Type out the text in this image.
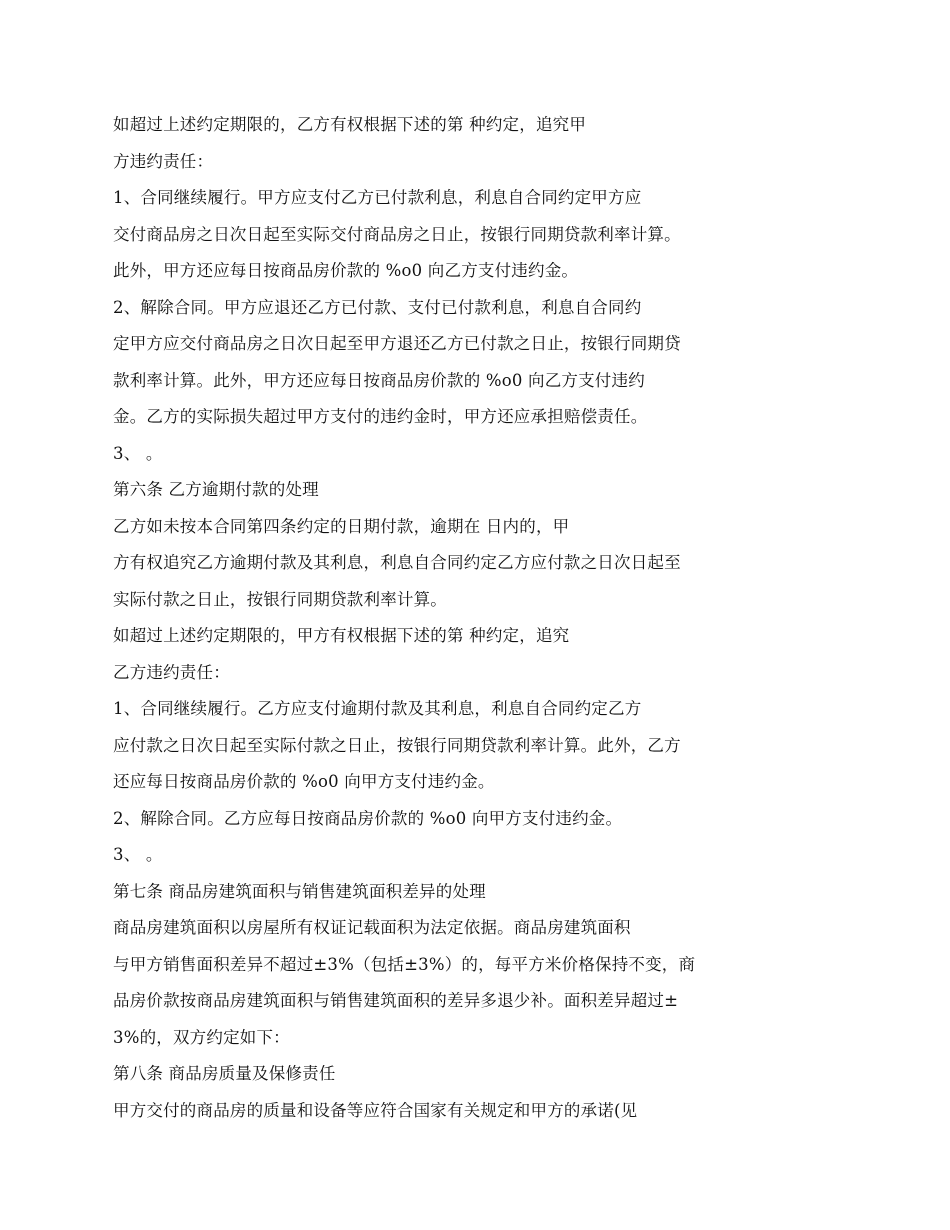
如超过上述约定期限的，乙方有权根据下述的第 种约定，追究甲
方违约责任：
1、合同继续履行。甲方应支付乙方已付款利息，利息自合同约定甲方应
交付商品房之日次日起至实际交付商品房之日止，按银行同期贷款利率计算。
此外，甲方还应每日按商品房价款的 %o0 向乙方支付违约金。
2、解除合同。甲方应退还乙方已付款、支付已付款利息，利息自合同约
定甲方应交付商品房之日次日起至甲方退还乙方已付款之日止，按银行同期贷
款利率计算。此外，甲方还应每日按商品房价款的 %o0 向乙方支付违约
金。乙方的实际损失超过甲方支付的违约金时，甲方还应承担赔偿责任。
3、 。
第六条 乙方逾期付款的处理
乙方如未按本合同第四条约定的日期付款，逾期在 日内的，甲
方有权追究乙方逾期付款及其利息，利息自合同约定乙方应付款之日次日起至
实际付款之日止，按银行同期贷款利率计算。
如超过上述约定期限的，甲方有权根据下述的第 种约定，追究
乙方违约责任：
1、合同继续履行。乙方应支付逾期付款及其利息，利息自合同约定乙方
应付款之日次日起至实际付款之日止，按银行同期贷款利率计算。此外，乙方
还应每日按商品房价款的 %o0 向甲方支付违约金。
2、解除合同。乙方应每日按商品房价款的 %o0 向甲方支付违约金。
3、 。
第七条 商品房建筑面积与销售建筑面积差异的处理
商品房建筑面积以房屋所有权证记载面积为法定依据。商品房建筑面积
与甲方销售面积差异不超过±3%（包括±3%）的，每平方米价格保持不变，商
品房价款按商品房建筑面积与销售建筑面积的差异多退少补。面积差异超过±
3%的，双方约定如下：
第八条 商品房质量及保修责任
甲方交付的商品房的质量和设备等应符合国家有关规定和甲方的承诺(见
